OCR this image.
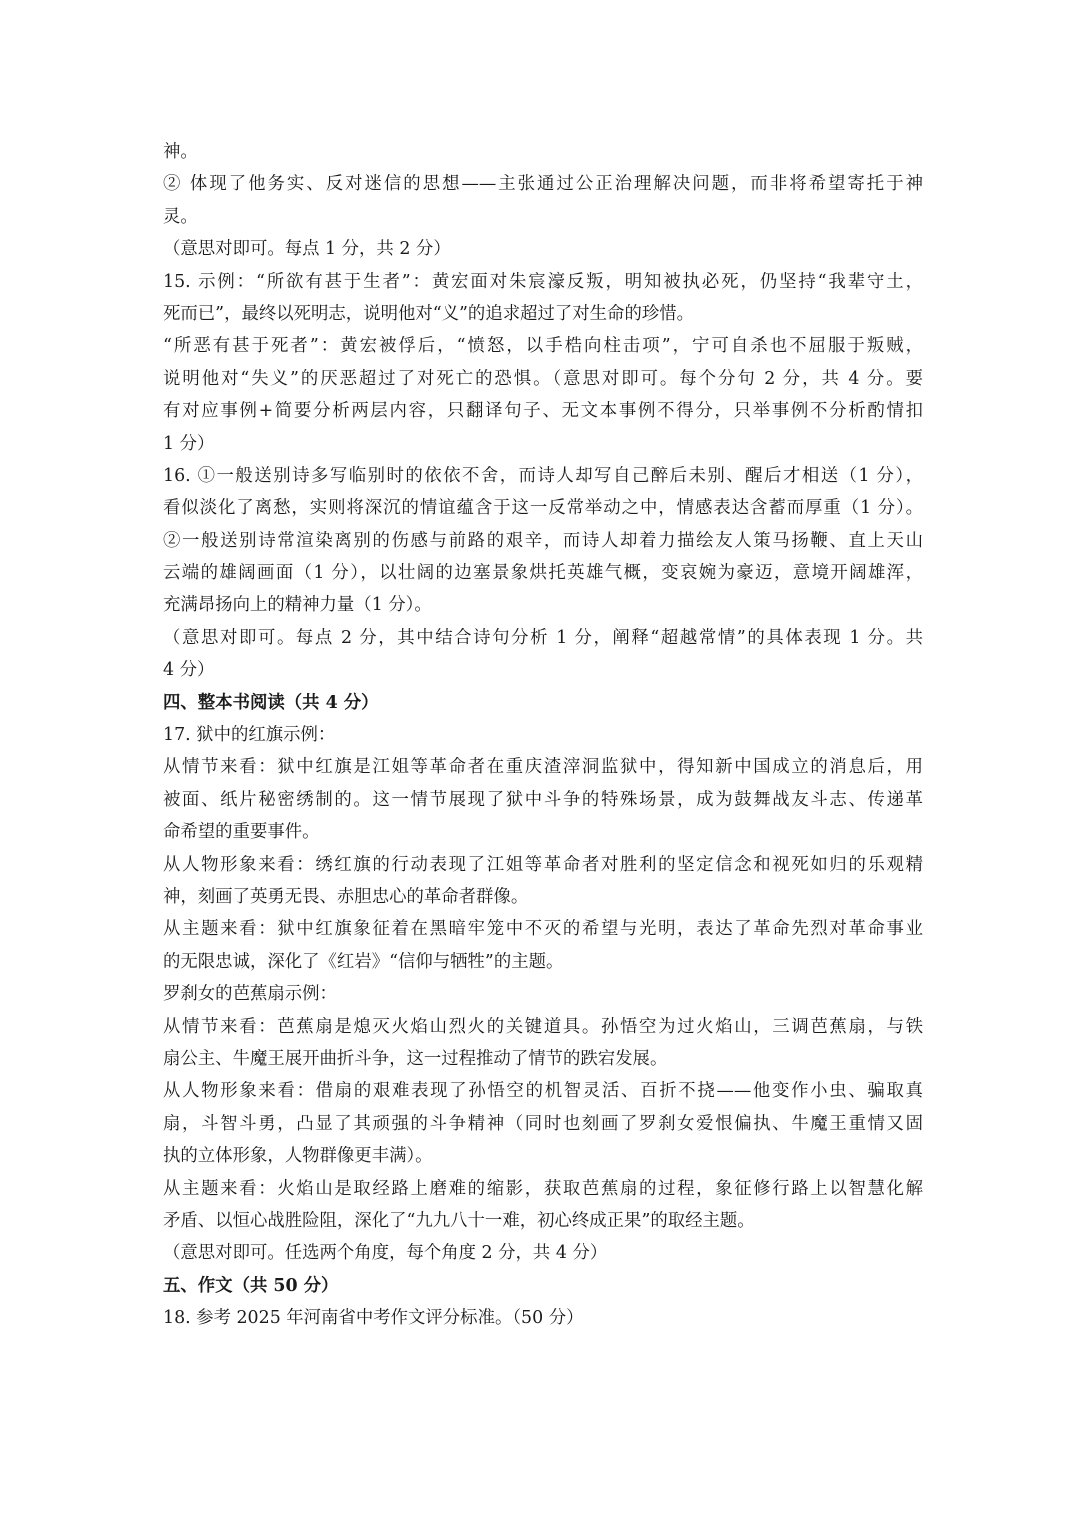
神。
② 体现了他务实、反对迷信的思想——主张通过公正治理解决问题，而非将希望寄托于神
灵。
（意思对即可。每点 1 分，共 2 分）
15. 示例：“所欲有甚于生者”：黄宏面对朱宸濠反叛，明知被执必死，仍坚持“我辈守土，
死而已”，最终以死明志，说明他对“义”的追求超过了对生命的珍惜。
“所恶有甚于死者”：黄宏被俘后，“愤怒，以手梏向柱击项”，宁可自杀也不屈服于叛贼，
说明他对“失义”的厌恶超过了对死亡的恐惧。（意思对即可。每个分句 2 分，共 4 分。要
有对应事例+简要分析两层内容，只翻译句子、无文本事例不得分，只举事例不分析酌情扣
1 分）
16. ①一般送别诗多写临别时的依依不舍，而诗人却写自己醉后未别、醒后才相送（1 分），
看似淡化了离愁，实则将深沉的情谊蕴含于这一反常举动之中，情感表达含蓄而厚重（1 分）。
②一般送别诗常渲染离别的伤感与前路的艰辛，而诗人却着力描绘友人策马扬鞭、直上天山
云端的雄阔画面（1 分），以壮阔的边塞景象烘托英雄气概，变哀婉为豪迈，意境开阔雄浑，
充满昂扬向上的精神力量（1 分）。
（意思对即可。每点 2 分，其中结合诗句分析 1 分，阐释“超越常情”的具体表现 1 分。共
4 分）
四、整本书阅读（共 4 分）
17. 狱中的红旗示例：
从情节来看：狱中红旗是江姐等革命者在重庆渣滓洞监狱中，得知新中国成立的消息后，用
被面、纸片秘密绣制的。这一情节展现了狱中斗争的特殊场景，成为鼓舞战友斗志、传递革
命希望的重要事件。
从人物形象来看：绣红旗的行动表现了江姐等革命者对胜利的坚定信念和视死如归的乐观精
神，刻画了英勇无畏、赤胆忠心的革命者群像。
从主题来看：狱中红旗象征着在黑暗牢笼中不灭的希望与光明，表达了革命先烈对革命事业
的无限忠诚，深化了《红岩》“信仰与牺牲”的主题。
罗刹女的芭蕉扇示例：
从情节来看：芭蕉扇是熄灭火焰山烈火的关键道具。孙悟空为过火焰山，三调芭蕉扇，与铁
扇公主、牛魔王展开曲折斗争，这一过程推动了情节的跌宕发展。
从人物形象来看：借扇的艰难表现了孙悟空的机智灵活、百折不挠——他变作小虫、骗取真
扇，斗智斗勇，凸显了其顽强的斗争精神（同时也刻画了罗刹女爱恨偏执、牛魔王重情又固
执的立体形象，人物群像更丰满）。
从主题来看：火焰山是取经路上磨难的缩影，获取芭蕉扇的过程，象征修行路上以智慧化解
矛盾、以恒心战胜险阻，深化了“九九八十一难，初心终成正果”的取经主题。
（意思对即可。任选两个角度，每个角度 2 分，共 4 分）
五、作文（共 50 分）
18. 参考 2025 年河南省中考作文评分标准。（50 分）
